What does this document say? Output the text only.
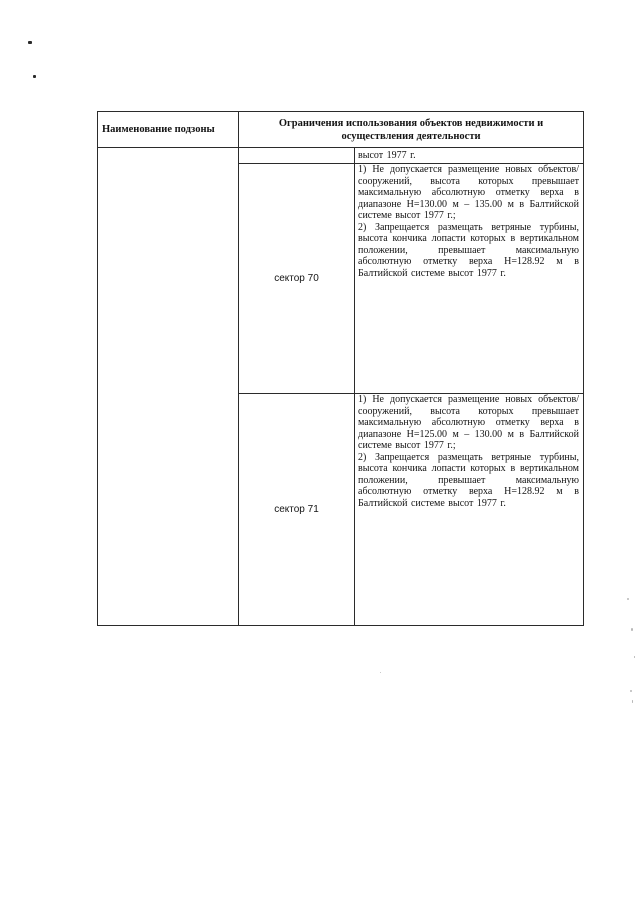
Наименование подзоны	Ограничения использования объектов недвижимости и осуществления деятельности	

		высот 1977 г.

	сектор 70	1) Не допускается размещение новых объектов/сооружений, высота которых превышает максимальную абсолютную отметку верха в диапазоне Н=130.00 м – 135.00 м в Балтийской системе высот 1977 г.;

2) Запрещается размещать ветряные турбины, высота кончика лопасти которых в вертикальном положении, превышает максимальную абсолютную отметку верха Н=128.92 м в Балтийской системе высот 1977 г.

	сектор 71	1) Не допускается размещение новых объектов/сооружений, высота которых превышает максимальную абсолютную отметку верха в диапазоне Н=125.00 м – 130.00 м в Балтийской системе высот 1977 г.;

2) Запрещается размещать ветряные турбины, высота кончика лопасти которых в вертикальном положении, превышает максимальную абсолютную отметку верха Н=128.92 м в Балтийской системе высот 1977 г.
